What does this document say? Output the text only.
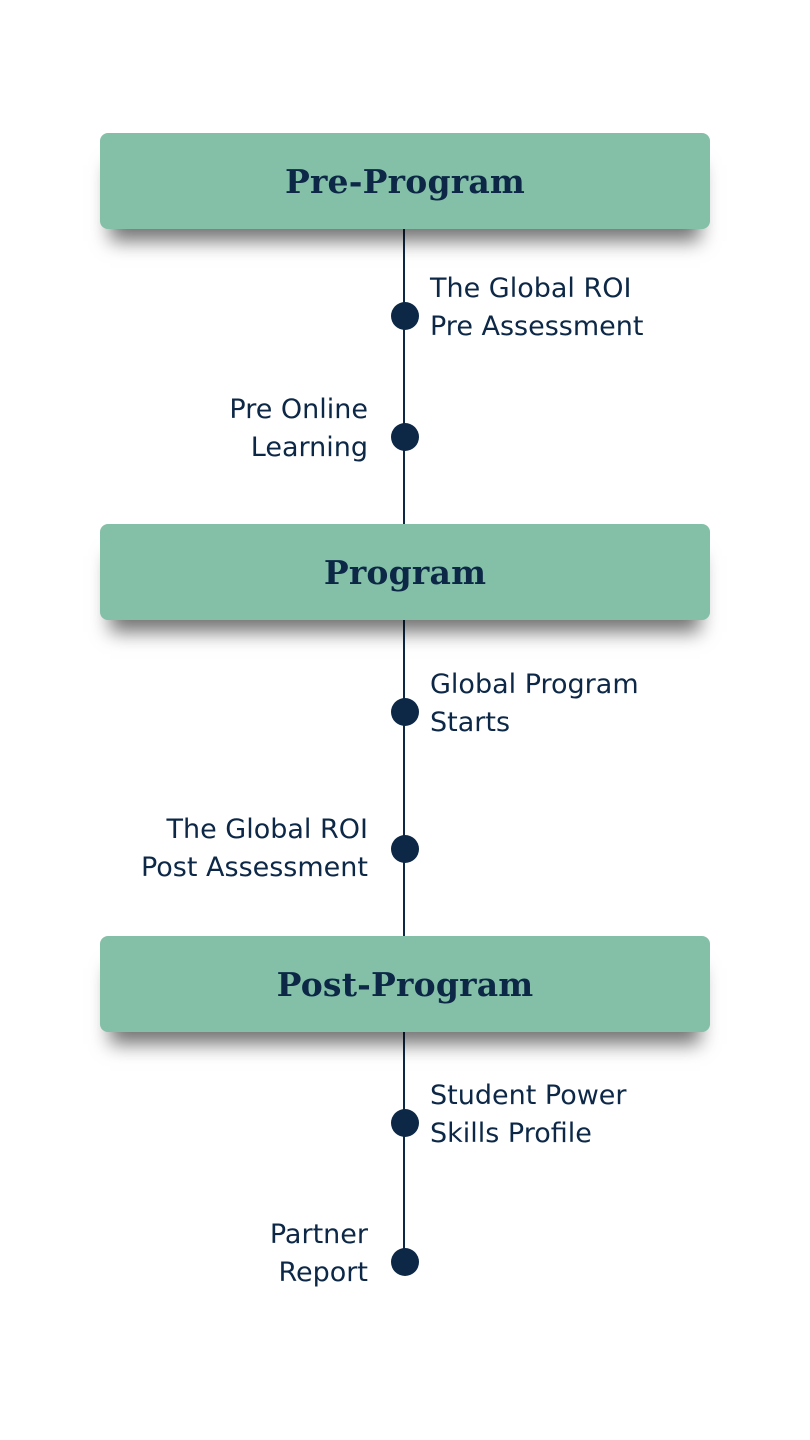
Pre-Program
The Global ROI
Pre Assessment
Pre Online
Learning
Program
Global Program
Starts
The Global ROI
Post Assessment
Post-Program
Student Power
Skills Profile
Partner
Report
